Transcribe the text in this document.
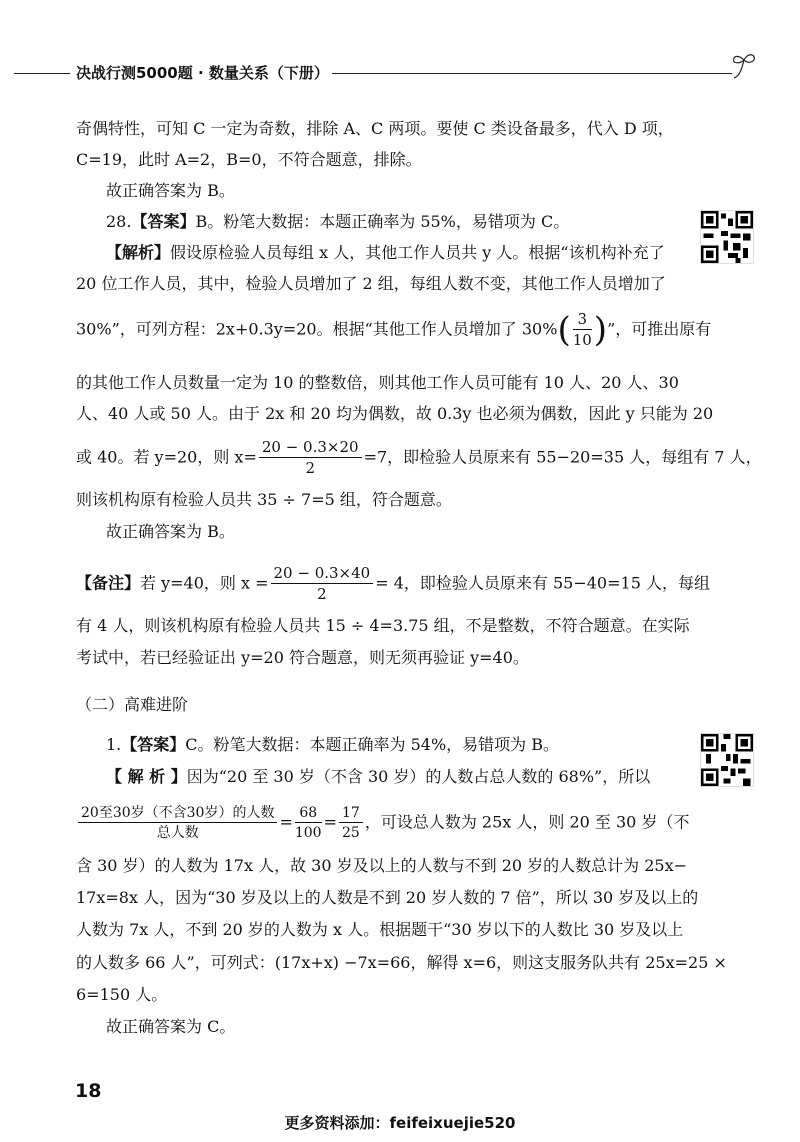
决战行测5000题 · 数量关系（下册）
奇偶特性，可知 C 一定为奇数，排除 A、C 两项。要使 C 类设备最多，代入 D 项，
C=19，此时 A=2，B=0，不符合题意，排除。
故正确答案为 B。
28.【答案】B。粉笔大数据：本题正确率为 55%，易错项为 C。
【解析】假设原检验人员每组 x 人，其他工作人员共 y 人。根据“该机构补充了
20 位工作人员，其中，检验人员增加了 2 组，每组人数不变，其他工作人员增加了
30%”，可列方程：2x+0.3y=20。根据“其他工作人员增加了 $30\%( \frac{3}{10}$ )”，可推出原有
的其他工作人员数量一定为 10 的整数倍，则其他工作人员可能有 10 人、20 人、30
人、40 人或 50 人。由于 2x 和 20 均为偶数，故 0.3y 也必须为偶数，因此 y 只能为 20
或 40。若 y=20，则 $x= \frac{20 - 0.3\times 20}{2} =7$，即检验人员原来有 55−20=35 人，每组有 7 人，
则该机构原有检验人员共 35 ÷ 7=5 组，符合题意。
故正确答案为 B。
【备注】若 y=40，则 $x = \frac{20 - 0.3\times 40}{2} = 4$，即检验人员原来有 55−40=15 人，每组
有 4 人，则该机构原有检验人员共 15 ÷ 4=3.75 组，不是整数，不符合题意。在实际
考试中，若已经验证出 y=20 符合题意，则无须再验证 y=40。
（二）高难进阶
1.【答案】C。粉笔大数据：本题正确率为 54%，易错项为 B。
【 解 析 】因为“20 至 30 岁（不含 30 岁）的人数占总人数的 68%”，所以
$\frac{\text{20至30岁（不含30岁）的人数}}{\text{总人数}} = \frac{68}{100} = \frac{17}{25}$ ，可设总人数为 25x 人，则 20 至 30 岁（不
含 30 岁）的人数为 17x 人，故 30 岁及以上的人数与不到 20 岁的人数总计为 25x−
17x=8x 人，因为“30 岁及以上的人数是不到 20 岁人数的 7 倍”，所以 30 岁及以上的
人数为 7x 人，不到 20 岁的人数为 x 人。根据题干“30 岁以下的人数比 30 岁及以上
的人数多 66 人”，可列式：(17x+x) −7x=66，解得 x=6，则这支服务队共有 25x=25 ×
6=150 人。
故正确答案为 C。
18
更多资料添加：feifeixuejie520
